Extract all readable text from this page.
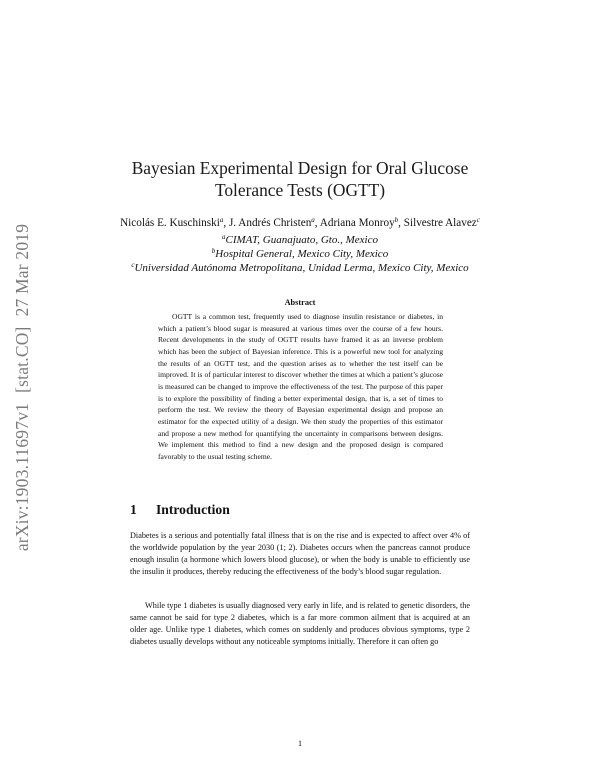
arXiv:1903.11697v1[stat.CO]27 Mar 2019
Bayesian Experimental Design for Oral Glucose
Tolerance Tests (OGTT)
Nicolás E. Kuschinski$^a$, J. Andrés Christen$^a$, Adriana Monroy$^b$, Silvestre Alavez$^c$
$^a$CIMAT, Guanajuato, Gto., Mexico
$^b$Hospital General, Mexico City, Mexico
$^c$Universidad Autónoma Metropolitana, Unidad Lerma, Mexico City, Mexico
Abstract

OGTT is a common test, frequently used to diagnose insulin resistance or diabetes, in which a patient’s blood sugar is measured at various times over the course of a few hours. Recent developments in the study of OGTT results have framed it as an inverse problem which has been the subject of Bayesian inference. This is a powerful new tool for analyzing the results of an OGTT test, and the question arises as to whether the test itself can be improved. It is of particular interest to discover whether the times at which a patient’s glucose is measured can be changed to improve the effectiveness of the test. The purpose of this paper is to explore the possibility of finding a better experimental design, that is, a set of times to perform the test. We review the theory of Bayesian experimental design and propose an estimator for the expected utility of a design. We then study the properties of this estimator and propose a new method for quantifying the uncertainty in comparisons between designs. We implement this method to find a new design and the proposed design is compared favorably to the usual testing scheme.

1 Introduction

Diabetes is a serious and potentially fatal illness that is on the rise and is expected to affect over 4% of the worldwide population by the year 2030 (1; 2). Diabetes occurs when the pancreas cannot produce enough insulin (a hormone which lowers blood glucose), or when the body is unable to efficiently use the insulin it produces, thereby reducing the effectiveness of the body’s blood sugar regulation.

While type 1 diabetes is usually diagnosed very early in life, and is related to genetic disorders, the same cannot be said for type 2 diabetes, which is a far more common ailment that is acquired at an older age. Unlike type 1 diabetes, which comes on suddenly and produces obvious symptoms, type 2 diabetes usually develops without any noticeable symptoms initially. Therefore it can often go

1
